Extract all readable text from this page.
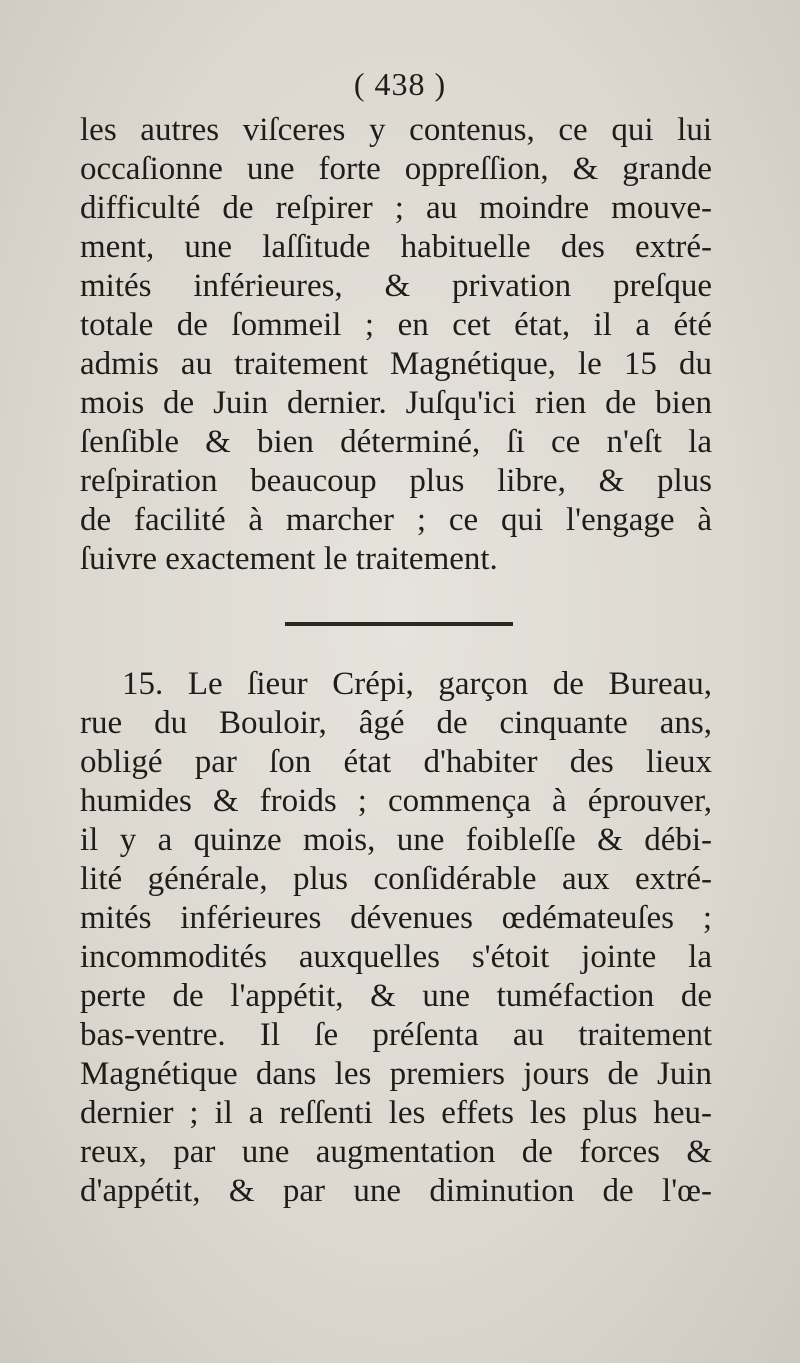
( 438 )
les autres viſceres y contenus, ce qui lui
occaſionne une forte oppreſſion, & grande
difficulté de reſpirer ; au moindre mouve-
ment, une laſſitude habituelle des extré-
mités inférieures, & privation preſque
totale de ſommeil ; en cet état, il a été
admis au traitement Magnétique, le 15 du
mois de Juin dernier. Juſqu'ici rien de bien
ſenſible & bien déterminé, ſi ce n'eſt la
reſpiration beaucoup plus libre, & plus
de facilité à marcher ; ce qui l'engage à
ſuivre exactement le traitement.
15. Le ſieur Crépi, garçon de Bureau,
rue du Bouloir, âgé de cinquante ans,
obligé par ſon état d'habiter des lieux
humides & froids ; commença à éprouver,
il y a quinze mois, une foibleſſe & débi-
lité générale, plus conſidérable aux extré-
mités inférieures dévenues œdémateuſes ;
incommodités auxquelles s'étoit jointe la
perte de l'appétit, & une tuméfaction de
bas-ventre. Il ſe préſenta au traitement
Magnétique dans les premiers jours de Juin
dernier ; il a reſſenti les effets les plus heu-
reux, par une augmentation de forces &
d'appétit, & par une diminution de l'œ-
